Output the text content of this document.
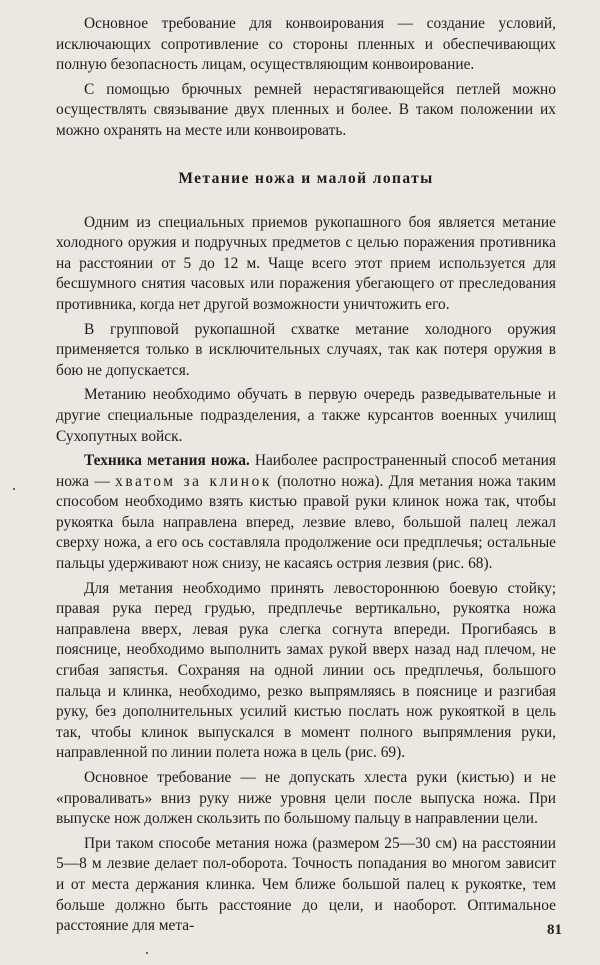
Основное требование для конвоирования — создание условий, исключающих сопротивление со стороны пленных и обеспечивающих полную безопасность лицам, осуществляющим конвоирование.

С помощью брючных ремней нерастягивающейся петлей можно осуществлять связывание двух пленных и более. В таком положении их можно охранять на месте или конвоировать.

Метание ножа и малой лопаты

Одним из специальных приемов рукопашного боя является метание холодного оружия и подручных предметов с целью поражения противника на расстоянии от 5 до 12 м. Чаще всего этот прием используется для бесшумного снятия часовых или поражения убегающего от преследования противника, когда нет другой возможности уничтожить его.

В групповой рукопашной схватке метание холодного оружия применяется только в исключительных случаях, так как потеря оружия в бою не допускается.

Метанию необходимо обучать в первую очередь разведывательные и другие специальные подразделения, а также курсантов военных училищ Сухопутных войск.

Техника метания ножа. Наиболее распространенный способ метания ножа — хватом за клинок (полотно ножа). Для метания ножа таким способом необходимо взять кистью правой руки клинок ножа так, чтобы рукоятка была направлена вперед, лезвие влево, большой палец лежал сверху ножа, а его ось составляла продолжение оси предплечья; остальные пальцы удерживают нож снизу, не касаясь острия лезвия (рис. 68).

Для метания необходимо принять левостороннюю боевую стойку; правая рука перед грудью, предплечье вертикально, рукоятка ножа направлена вверх, левая рука слегка согнута впереди. Прогибаясь в пояснице, необходимо выполнить замах рукой вверх назад над плечом, не сгибая запястья. Сохраняя на одной линии ось предплечья, большого пальца и клинка, необходимо, резко выпрямляясь в пояснице и разгибая руку, без дополнительных усилий кистью послать нож рукояткой в цель так, чтобы клинок выпускался в момент полного выпрямления руки, направленной по линии полета ножа в цель (рис. 69).

Основное требование — не допускать хлеста руки (кистью) и не «проваливать» вниз руку ниже уровня цели после выпуска ножа. При выпуске нож должен скользить по большому пальцу в направлении цели.

При таком способе метания ножа (размером 25—30 см) на расстоянии 5—8 м лезвие делает пол-оборота. Точность попадания во многом зависит и от места держания клинка. Чем ближе большой палец к рукоятке, тем больше должно быть расстояние до цели, и наоборот. Оптимальное расстояние для мета-	81
